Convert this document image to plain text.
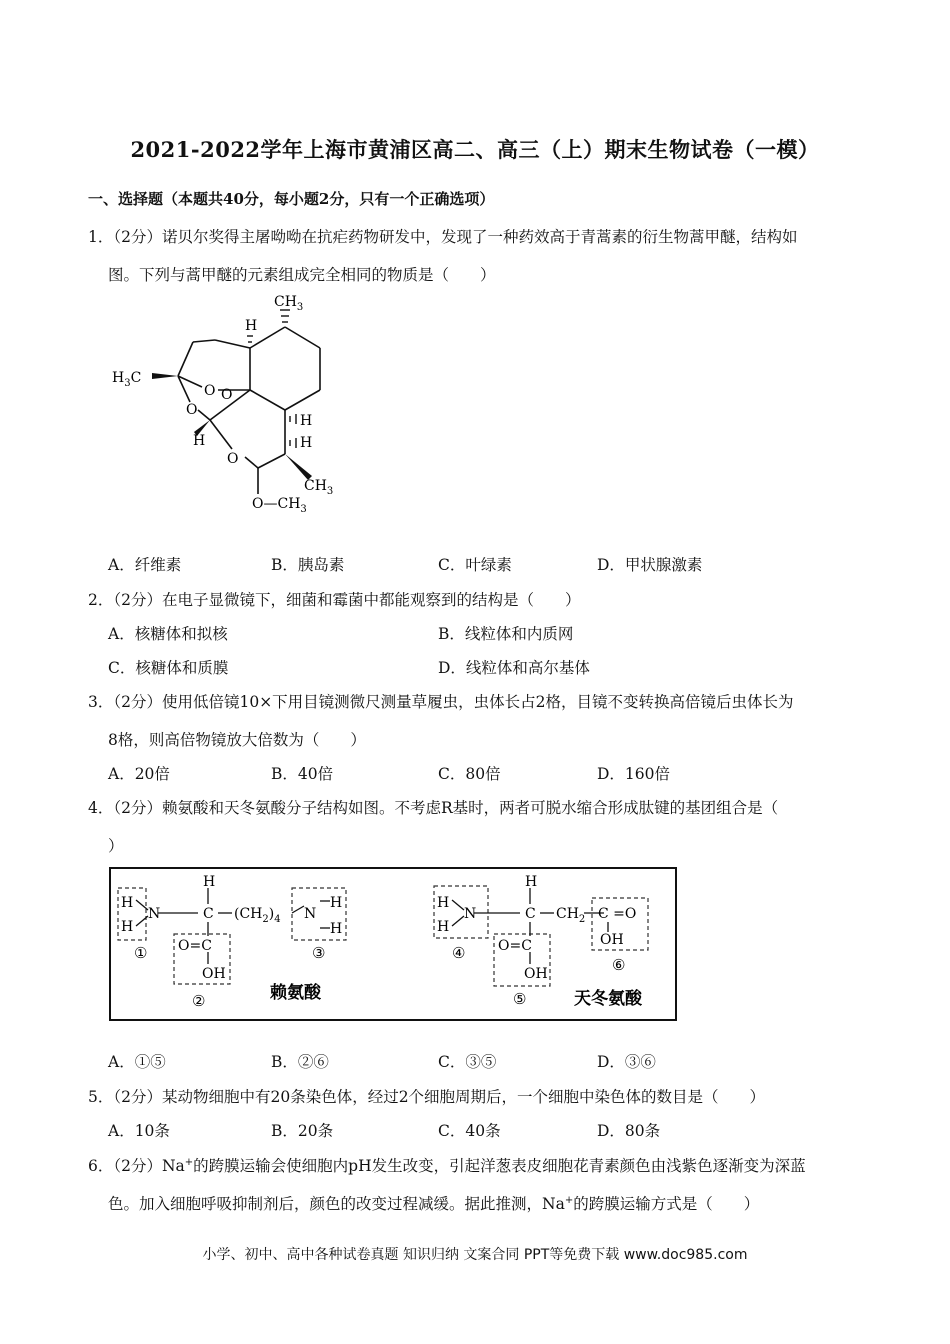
2021-2022学年上海市黄浦区高二、高三（上）期末生物试卷（一模）
一、选择题（本题共40分，每小题2分，只有一个正确选项）
1．（2分）诺贝尔奖得主屠呦呦在抗疟药物研发中，发现了一种药效高于青蒿素的衍生物蒿甲醚，结构如
图。下列与蒿甲醚的元素组成完全相同的物质是（　　）
$CH_3$
$H_3C$
H
O O
O
H
O
H
H
$CH_3$
$O—CH_3$
A．纤维素	B．胰岛素	C．叶绿素	D．甲状腺激素
2．（2分）在电子显微镜下，细菌和霉菌中都能观察到的结构是（　　）
A．核糖体和拟核	B．线粒体和内质网
C．核糖体和质膜	D．线粒体和高尔基体
3．（2分）使用低倍镜10×下用目镜测微尺测量草履虫，虫体长占2格，目镜不变转换高倍镜后虫体长为
8格，则高倍物镜放大倍数为（　　）
A．20倍	B．40倍	C．80倍	D．160倍
4．（2分）赖氨酸和天冬氨酸分子结构如图。不考虑R基时，两者可脱水缩合形成肽键的基团组合是（
）
H
H
N
H
C $(CH_2)_4$ N
H
H
O=C
OH
①
②
③
赖氨酸
H
H
N
H
C $CH_2$ C =O
OH
O=C
OH
④
⑤
⑥
天冬氨酸
A．①⑤	B．②⑥	C．③⑤	D．③⑥
5．（2分）某动物细胞中有20条染色体，经过2个细胞周期后，一个细胞中染色体的数目是（　　）
A．10条	B．20条	C．40条	D．80条
6．（2分）Na+的跨膜运输会使细胞内pH发生改变，引起洋葱表皮细胞花青素颜色由浅紫色逐渐变为深蓝
色。加入细胞呼吸抑制剂后，颜色的改变过程减缓。据此推测，Na+的跨膜运输方式是（　　）
小学、初中、高中各种试卷真题 知识归纳 文案合同 PPT等免费下载 www.doc985.com
